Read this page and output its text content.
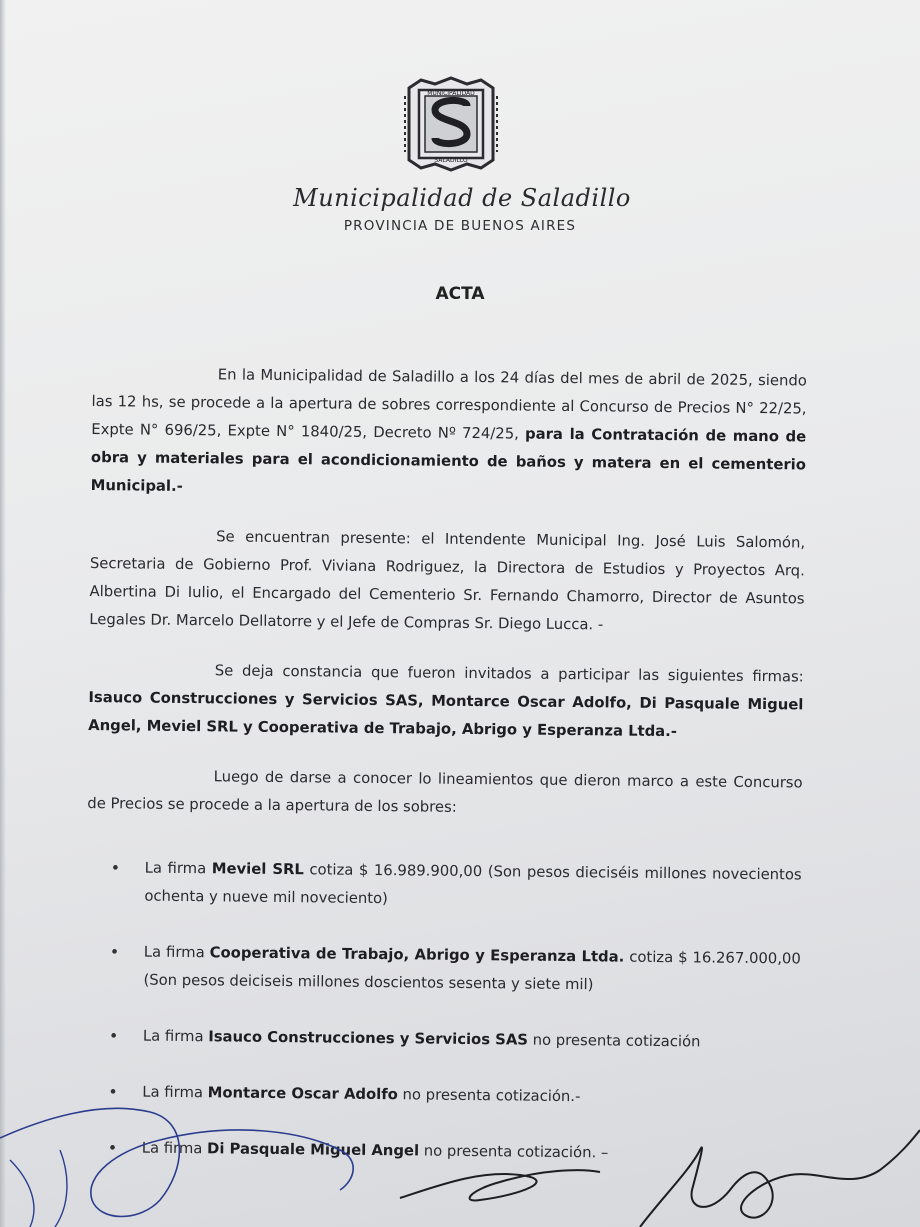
MUNICIPALIDAD
SALADILLO
Municipalidad de Saladillo
PROVINCIA DE BUENOS AIRES
ACTA

En la Municipalidad de Saladillo a los 24 días del mes de abril de 2025, siendo las 12 hs, se procede a la apertura de sobres correspondiente al Concurso de Precios N° 22/25, Expte N° 696/25, Expte N° 1840/25, Decreto Nº 724/25, para la Contratación de mano de obra y materiales para el acondicionamiento de baños y matera en el cementerio Municipal.-

Se encuentran presente: el Intendente Municipal Ing. José Luis Salomón, Secretaria de Gobierno Prof. Viviana Rodriguez, la Directora de Estudios y Proyectos Arq. Albertina Di Iulio, el Encargado del Cementerio Sr. Fernando Chamorro, Director de Asuntos Legales Dr. Marcelo Dellatorre y el Jefe de Compras Sr. Diego Lucca. -

Se deja constancia que fueron invitados a participar las siguientes firmas: Isauco Construcciones y Servicios SAS, Montarce Oscar Adolfo, Di Pasquale Miguel Angel, Meviel SRL y Cooperativa de Trabajo, Abrigo y Esperanza Ltda.-

Luego de darse a conocer lo lineamientos que dieron marco a este Concurso de Precios se procede a la apertura de los sobres:

• La firma Meviel SRL cotiza $ 16.989.900,00 (Son pesos dieciséis millones novecientos ochenta y nueve mil noveciento)
• La firma Cooperativa de Trabajo, Abrigo y Esperanza Ltda. cotiza $ 16.267.000,00 (Son pesos deiciseis millones doscientos sesenta y siete mil)
• La firma Isauco Construcciones y Servicios SAS no presenta cotización
• La firma Montarce Oscar Adolfo no presenta cotización.-
• La firma Di Pasquale Miguel Angel no presenta cotización. –
